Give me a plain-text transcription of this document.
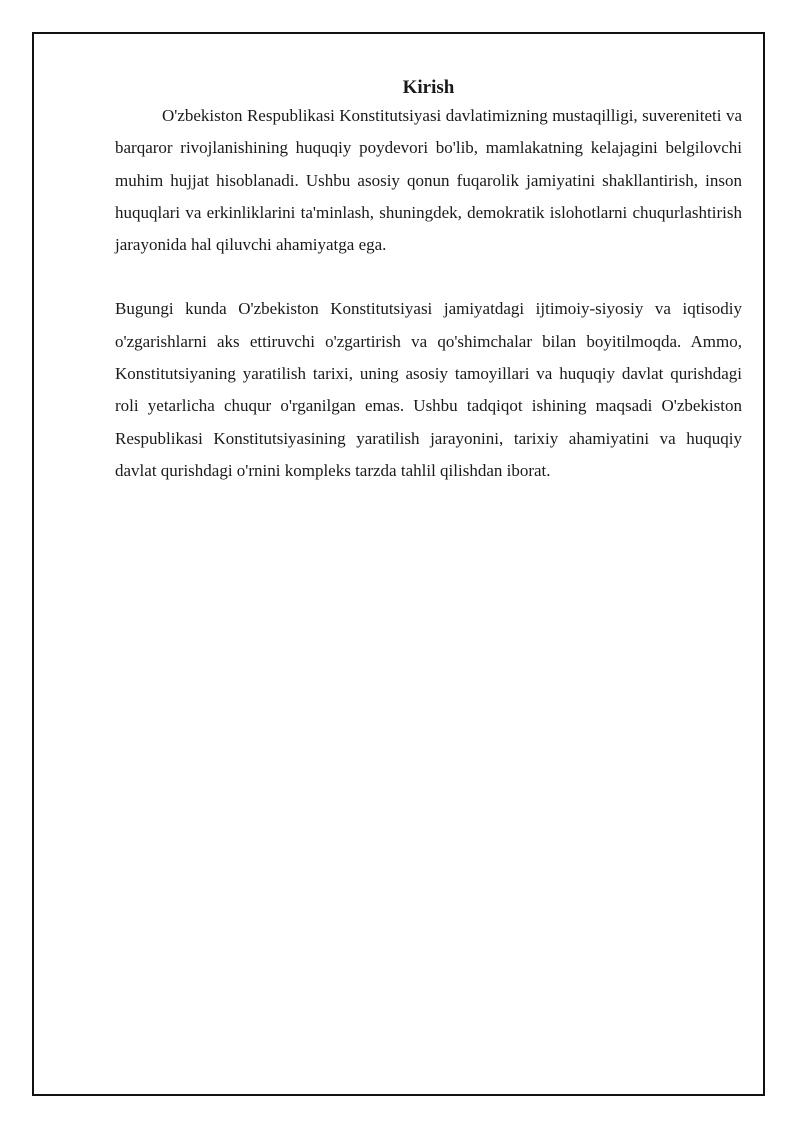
Kirish

O'zbekiston Respublikasi Konstitutsiyasi davlatimizning mustaqilligi, suvereniteti va barqaror rivojlanishining huquqiy poydevori bo'lib, mamlakatning kelajagini belgilovchi muhim hujjat hisoblanadi. Ushbu asosiy qonun fuqarolik jamiyatini shakllantirish, inson huquqlari va erkinliklarini ta'minlash, shuningdek, demokratik islohotlarni chuqurlashtirish jarayonida hal qiluvchi ahamiyatga ega.

Bugungi kunda O'zbekiston Konstitutsiyasi jamiyatdagi ijtimoiy-siyosiy va iqtisodiy o'zgarishlarni aks ettiruvchi o'zgartirish va qo'shimchalar bilan boyitilmoqda. Ammo, Konstitutsiyaning yaratilish tarixi, uning asosiy tamoyillari va huquqiy davlat qurishdagi roli yetarlicha chuqur o'rganilgan emas. Ushbu tadqiqot ishining maqsadi O'zbekiston Respublikasi Konstitutsiyasining yaratilish jarayonini, tarixiy ahamiyatini va huquqiy davlat qurishdagi o'rnini kompleks tarzda tahlil qilishdan iborat.
